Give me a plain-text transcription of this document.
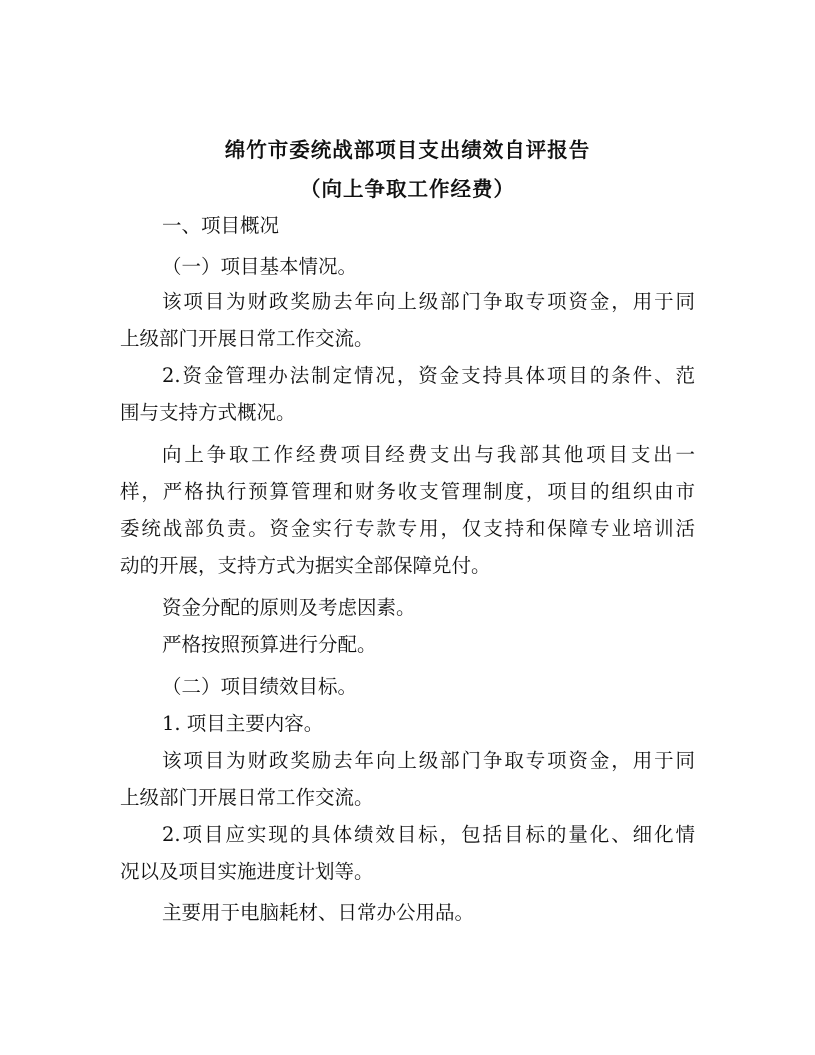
绵竹市委统战部项目支出绩效自评报告
（向上争取工作经费）
一、项目概况
（一）项目基本情况。
该项目为财政奖励去年向上级部门争取专项资金，用于同
上级部门开展日常工作交流。
2.资金管理办法制定情况，资金支持具体项目的条件、范
围与支持方式概况。
向上争取工作经费项目经费支出与我部其他项目支出一
样，严格执行预算管理和财务收支管理制度，项目的组织由市
委统战部负责。资金实行专款专用，仅支持和保障专业培训活
动的开展，支持方式为据实全部保障兑付。
资金分配的原则及考虑因素。
严格按照预算进行分配。
（二）项目绩效目标。
1. 项目主要内容。
该项目为财政奖励去年向上级部门争取专项资金，用于同
上级部门开展日常工作交流。
2.项目应实现的具体绩效目标，包括目标的量化、细化情
况以及项目实施进度计划等。
主要用于电脑耗材、日常办公用品。
